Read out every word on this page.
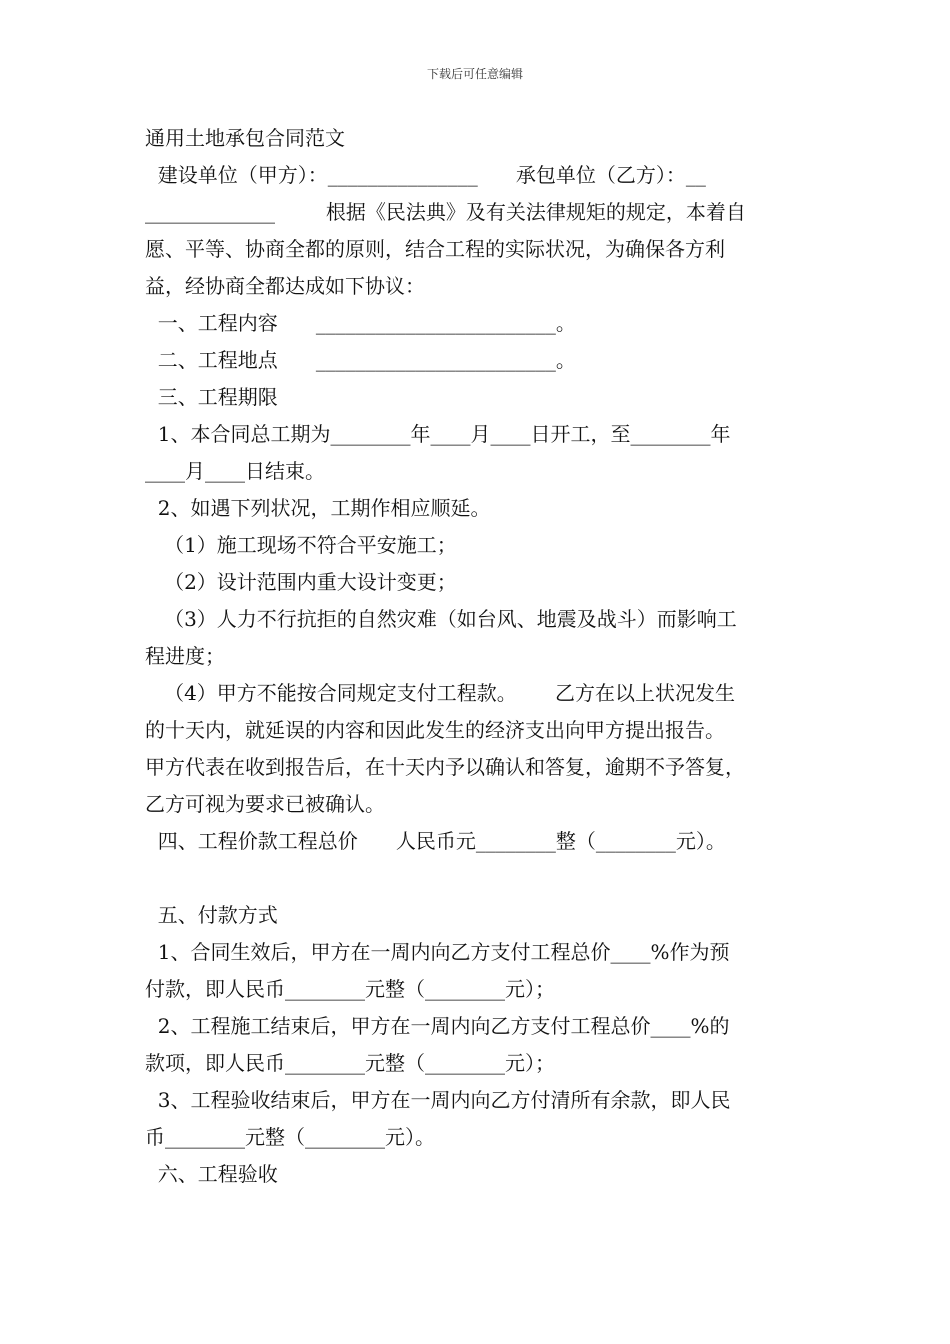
下载后可任意编辑
通用土地承包合同范文
建设单位（甲方）：_______________      承包单位（乙方）：__
_____________        根据《民法典》及有关法律规矩的规定，本着自
愿、平等、协商全都的原则，结合工程的实际状况，为确保各方利
益，经协商全都达成如下协议：
一、工程内容      ________________________。
二、工程地点      ________________________。
三、工程期限
1、本合同总工期为________年____月____日开工，至________年
____月____日结束。
2、如遇下列状况，工期作相应顺延。
（1）施工现场不符合平安施工；
（2）设计范围内重大设计变更；
（3）人力不行抗拒的自然灾难（如台风、地震及战斗）而影响工
程进度；
（4）甲方不能按合同规定支付工程款。      乙方在以上状况发生
的十天内，就延误的内容和因此发生的经济支出向甲方提出报告。
甲方代表在收到报告后，在十天内予以确认和答复，逾期不予答复，
乙方可视为要求已被确认。
四、工程价款工程总价      人民币元________整（________元）。
五、付款方式
1、合同生效后，甲方在一周内向乙方支付工程总价____%作为预
付款，即人民币________元整（________元）；
2、工程施工结束后，甲方在一周内向乙方支付工程总价____%的
款项，即人民币________元整（________元）；
3、工程验收结束后，甲方在一周内向乙方付清所有余款，即人民
币________元整（________元）。
六、工程验收
